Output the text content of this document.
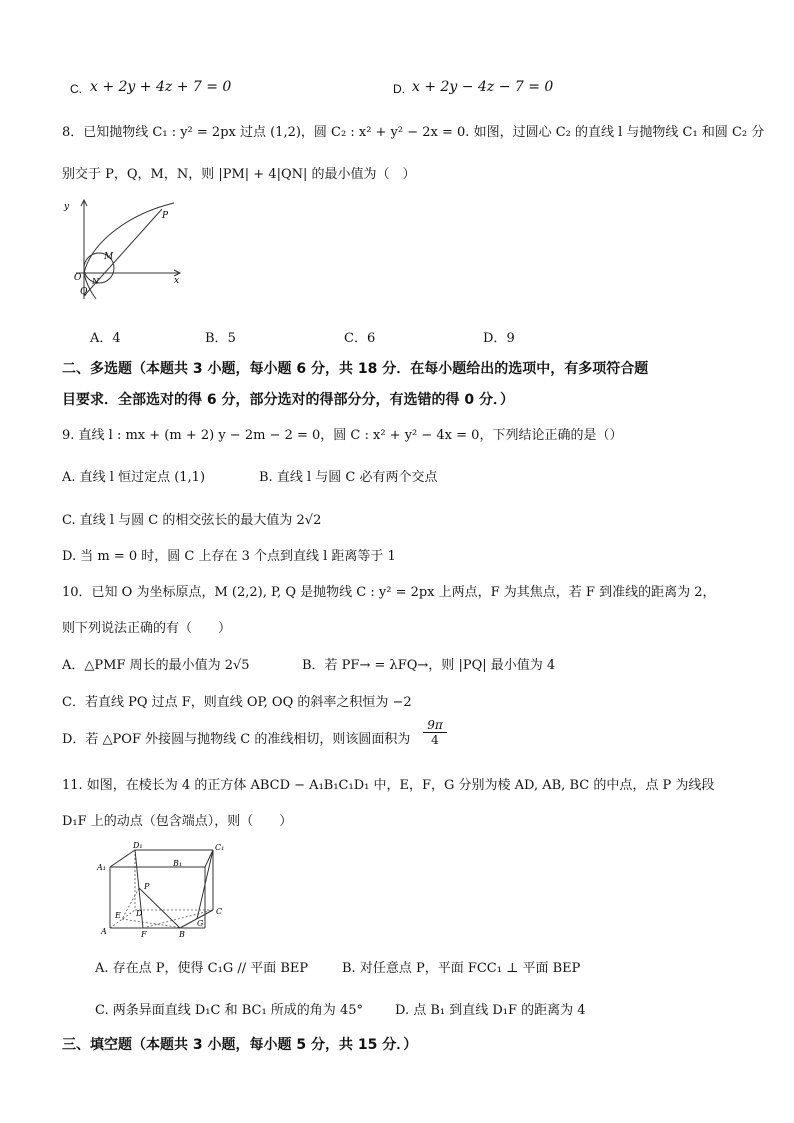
C. x + 2y + 4z + 7 = 0	D. x + 2y − 4z − 7 = 0
8．已知抛物线 C₁ : y² = 2px 过点 (1,2)，圆 C₂ : x² + y² − 2x = 0. 如图，过圆心 C₂ 的直线 l 与抛物线 C₁ 和圆 C₂ 分
别交于 P，Q，M，N，则 |PM| + 4|QN| 的最小值为（　）
y
x
O
P
M
N
Q
A．4	B．5	C．6	D．9
二、多选题（本题共 3 小题，每小题 6 分，共 18 分．在每小题给出的选项中，有多项符合题
目要求．全部选对的得 6 分，部分选对的得部分分，有选错的得 0 分．）
9. 直线 l : mx + (m + 2) y − 2m − 2 = 0，圆 C : x² + y² − 4x = 0，下列结论正确的是（）
A. 直线 l 恒过定点 (1,1)	B. 直线 l 与圆 C 必有两个交点
C. 直线 l 与圆 C 的相交弦长的最大值为 2√2
D. 当 m = 0 时，圆 C 上存在 3 个点到直线 l 距离等于 1
10．已知 O 为坐标原点，M (2,2), P, Q 是抛物线 C : y² = 2px 上两点，F 为其焦点，若 F 到准线的距离为 2，
则下列说法正确的有（　　）
A．△PMF 周长的最小值为 2√5	B．若 PF→ = λFQ→，则 |PQ| 最小值为 4
C．若直线 PQ 过点 F，则直线 OP, OQ 的斜率之积恒为 −2
D．若 △POF 外接圆与抛物线 C 的准线相切，则该圆面积为 $\frac{9\pi}{4}$
11. 如图，在棱长为 4 的正方体 ABCD − A₁B₁C₁D₁ 中，E，F，G 分别为棱 AD, AB, BC 的中点，点 P 为线段
D₁F 上的动点（包含端点），则（　　）
D₁	C₁
A₁	B₁
P
E D	C
G
A	F	B
A. 存在点 P，使得 C₁G // 平面 BEP	B. 对任意点 P，平面 FCC₁ ⊥ 平面 BEP
C. 两条异面直线 D₁C 和 BC₁ 所成的角为 45° D. 点 B₁ 到直线 D₁F 的距离为 4
三、填空题（本题共 3 小题，每小题 5 分，共 15 分．）
